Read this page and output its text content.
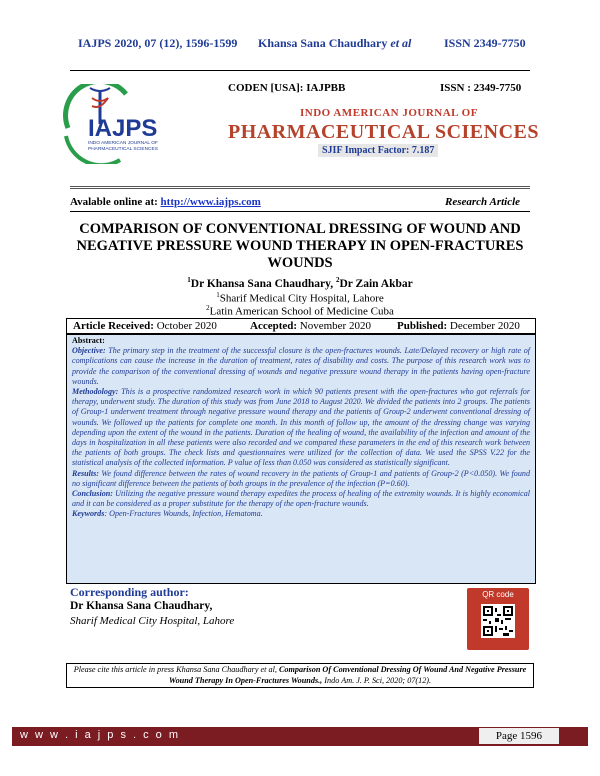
IAJPS 2020, 07 (12), 1596-1599 Khansa Sana Chaudhary et al	ISSN 2349-7750
IAJPS
INDO AMERICAN JOURNAL OF
PHARMACEUTICAL SCIENCES
CODEN [USA]: IAJPBB	ISSN : 2349-7750
INDO AMERICAN JOURNAL OF
PHARMACEUTICAL SCIENCES
SJIF Impact Factor: 7.187
Avalable online at: http://www.iajps.com	Research Article
COMPARISON OF CONVENTIONAL DRESSING OF WOUND AND NEGATIVE PRESSURE WOUND THERAPY IN OPEN-FRACTURES WOUNDS
$^1$Dr Khansa Sana Chaudhary, $^2$Dr Zain Akbar
$^1$Sharif Medical City Hospital, Lahore
$^2$Latin American School of Medicine Cuba
Article Received: October 2020	Accepted: November 2020 Published: December 2020
Abstract:
Objective: The primary step in the treatment of the successful closure is the open-fractures wounds. Late/Delayed recovery or high rate of complications can cause the increase in the duration of treatment, rates of disability and costs. The purpose of this research work was to provide the comparison of the conventional dressing of wounds and negative pressure wound therapy in the patients having open-fracture wounds.
Methodology: This is a prospective randomized research work in which 90 patients present with the open-fractures who got referrals for therapy, underwent study. The duration of this study was from June 2018 to August 2020. We divided the patients into 2 groups. The patients of Group-1 underwent treatment through negative pressure wound therapy and the patients of Group-2 underwent conventional dressing of wounds. We followed up the patients for complete one month. In this month of follow up, the amount of the dressing change was varying depending upon the extent of the wound in the patients. Duration of the healing of wound, the availability of the infection and amount of the days in hospitalization in all these patients were also recorded and we compared these parameters in the end of this research work between the patients of both groups. The check lists and questionnaires were utilized for the collection of data. We used the SPSS V.22 for the statistical analysis of the collected information. P value of less than 0.050 was considered as statistically significant.
Results: We found difference between the rates of wound recovery in the patients of Group-1 and patients of Group-2 (P<0.050). We found no significant difference between the patients of both groups in the prevalence of the infection (P=0.60).
Conclusion: Utilizing the negative pressure wound therapy expedites the process of healing of the extremity wounds. It is highly economical and it can be considered as a proper substitute for the therapy of the open-fracture wounds.
Keywords: Open-Fractures Wounds, Infection, Hematoma.
Corresponding author:
Dr Khansa Sana Chaudhary,
Sharif Medical City Hospital, Lahore
QR code
Please cite this article in press Khansa Sana Chaudhary et al, Comparison Of Conventional Dressing Of Wound And Negative Pressure Wound Therapy In Open-Fractures Wounds., Indo Am. J. P. Sci, 2020; 07(12).
w w w . i a j p s . c o m	Page 1596
